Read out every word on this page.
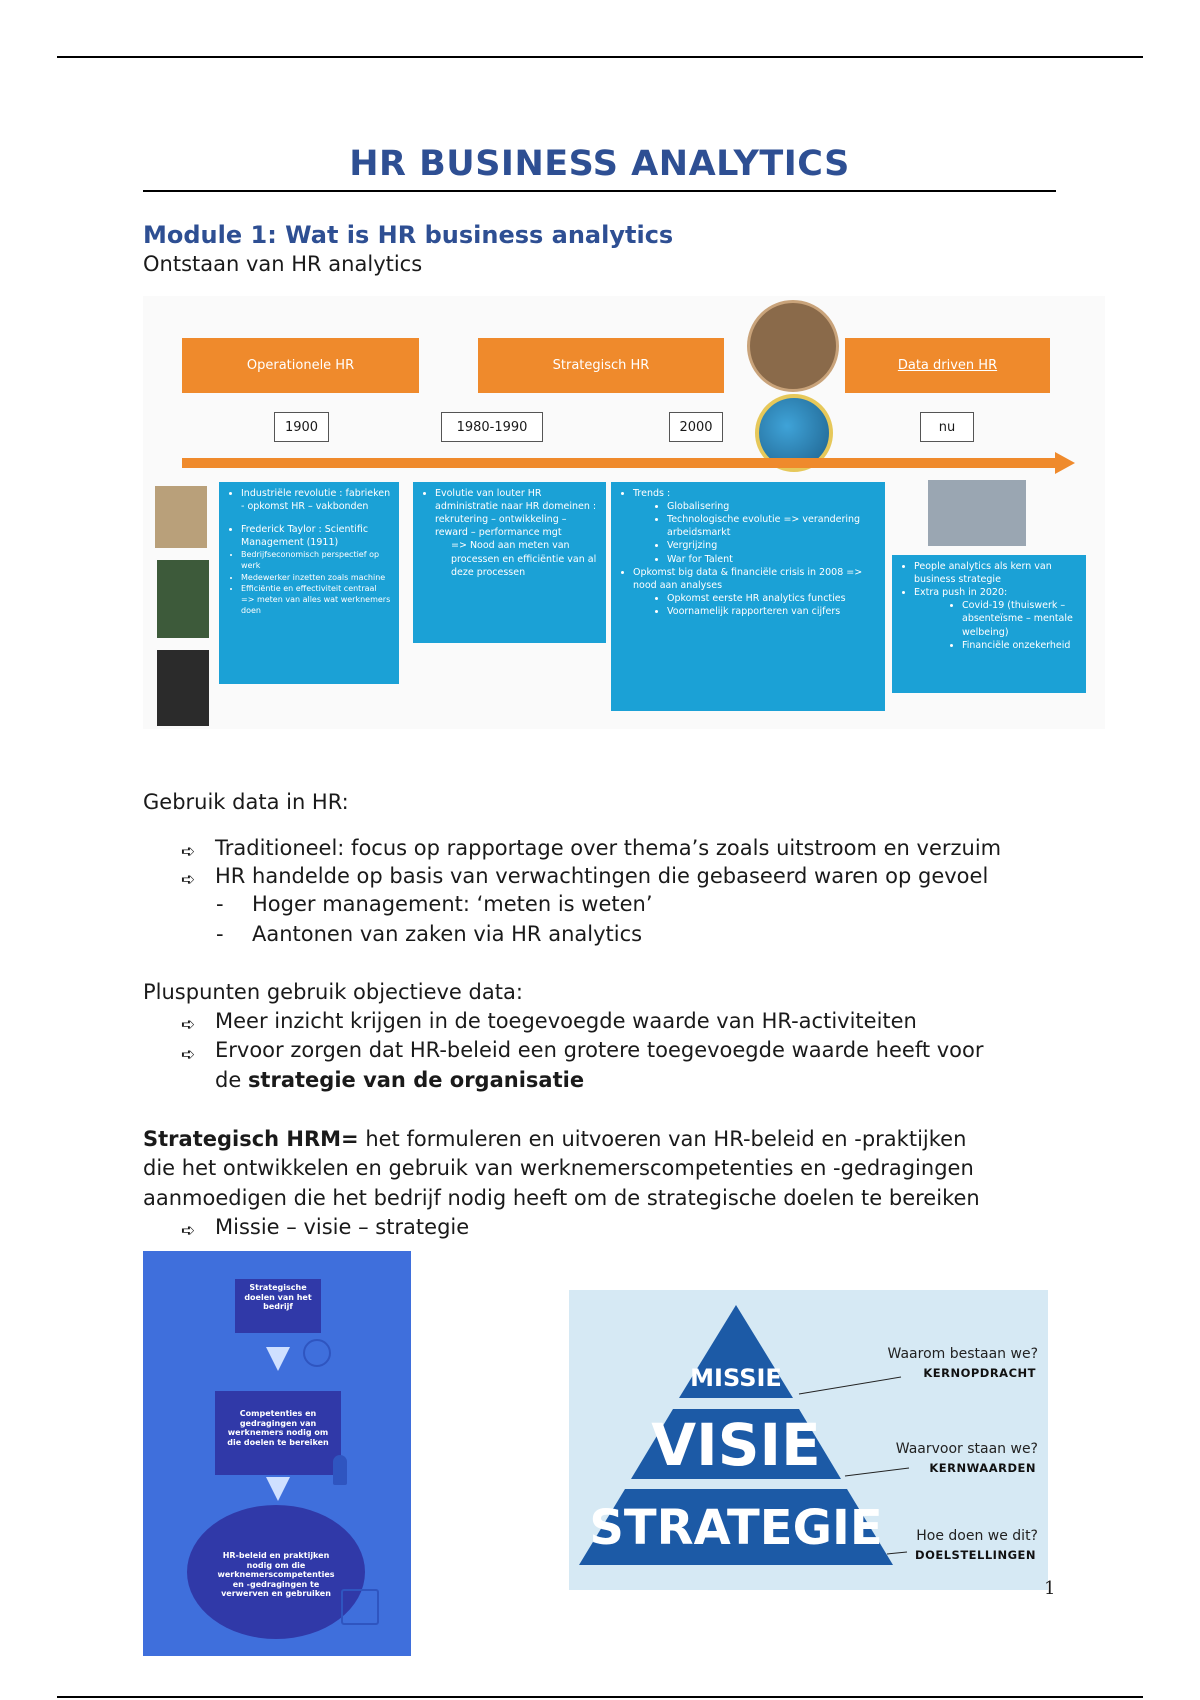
HR BUSINESS ANALYTICS
Module 1: Wat is HR business analytics
Ontstaan van HR analytics
Operationele HR	Strategisch HR	Data driven HR
1900	1980-1990	2000	nu
• Industriële revolutie : fabrieken - opkomst HR – vakbonden
• Frederick Taylor : Scientific Management (1911)
• Bedrijfseconomisch perspectief op werk
• Medewerker inzetten zoals machine
• Efficiëntie en effectiviteit centraal => meten van alles wat werknemers doen
• Evolutie van louter HR administratie naar HR domeinen : rekrutering – ontwikkeling – reward – performance mgt
=> Nood aan meten van processen en efficiëntie van al deze processen
• Trends :
• Globalisering
• Technologische evolutie => verandering arbeidsmarkt
• Vergrijzing
• War for Talent
• Opkomst big data & financiële crisis in 2008 => nood aan analyses
• Opkomst eerste HR analytics functies
• Voornamelijk rapporteren van cijfers
• People analytics als kern van business strategie
• Extra push in 2020:
• Covid-19 (thuiswerk – absenteïsme – mentale welbeing)
• Financiële onzekerheid
Gebruik data in HR:
➪ Traditioneel: focus op rapportage over thema’s zoals uitstroom en verzuim
➪ HR handelde op basis van verwachtingen die gebaseerd waren op gevoel
- Hoger management: ‘meten is weten’
- Aantonen van zaken via HR analytics
Pluspunten gebruik objectieve data:
➪ Meer inzicht krijgen in de toegevoegde waarde van HR-activiteiten
➪ Ervoor zorgen dat HR-beleid een grotere toegevoegde waarde heeft voor
de strategie van de organisatie
Strategisch HRM= het formuleren en uitvoeren van HR-beleid en -praktijken
die het ontwikkelen en gebruik van werknemerscompetenties en -gedragingen
aanmoedigen die het bedrijf nodig heeft om de strategische doelen te bereiken
➪ Missie – visie – strategie
Strategische doelen van het bedrijf
Competenties en gedragingen van werknemers nodig om die doelen te bereiken
HR-beleid en praktijken nodig om die werknemerscompetenties en -gedragingen te verwerven en gebruiken
MISSIE
VISIE
STRATEGIE
Waarom bestaan we?
KERNOPDRACHT
Waarvoor staan we?
KERNWAARDEN
Hoe doen we dit?
DOELSTELLINGEN
1
